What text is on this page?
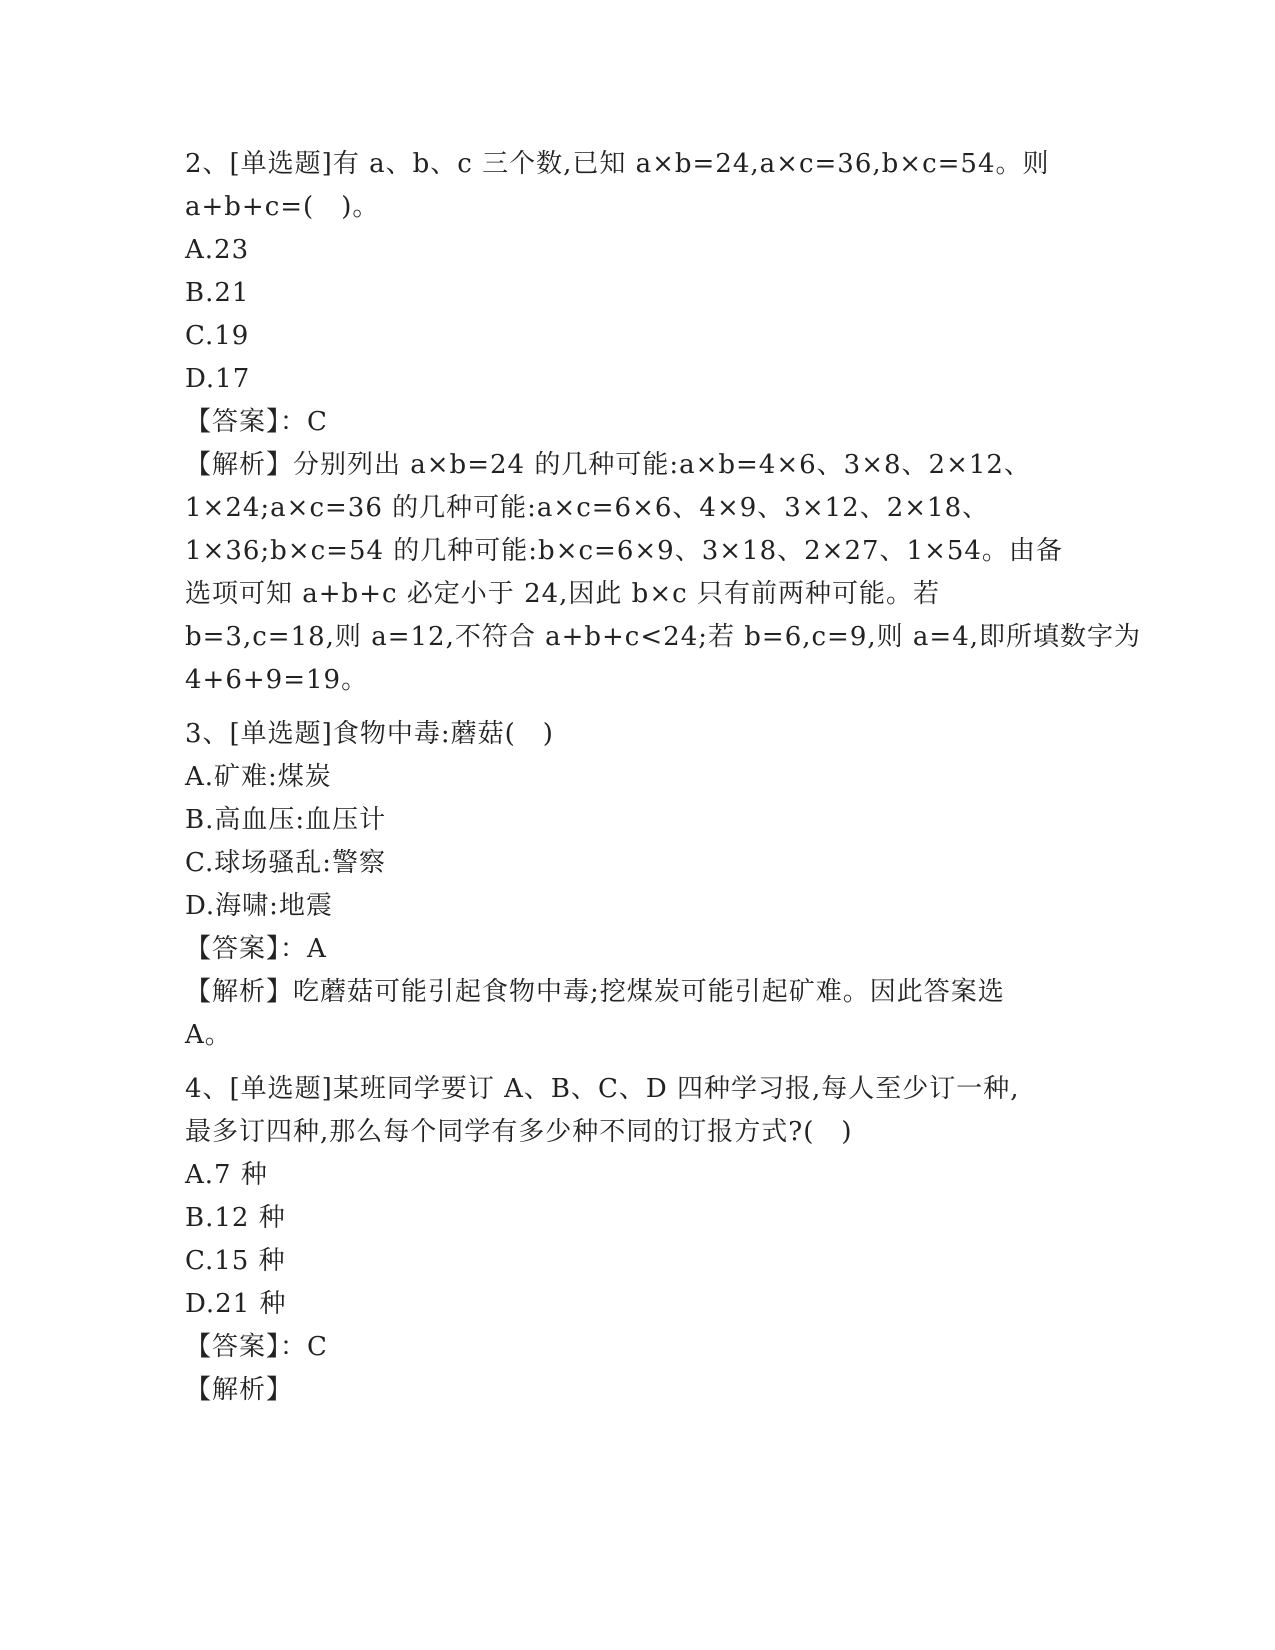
2、[单选题]有 a、b、c 三个数,已知 a×b=24,a×c=36,b×c=54。则
a+b+c=(　)。
A.23
B.21
C.19
D.17
【答案】：C
【解析】分别列出 a×b=24 的几种可能:a×b=4×6、3×8、2×12、
1×24;a×c=36 的几种可能:a×c=6×6、4×9、3×12、2×18、
1×36;b×c=54 的几种可能:b×c=6×9、3×18、2×27、1×54。由备
选项可知 a+b+c 必定小于 24,因此 b×c 只有前两种可能。若
b=3,c=18,则 a=12,不符合 a+b+c<24;若 b=6,c=9,则 a=4,即所填数字为
4+6+9=19。
3、[单选题]食物中毒:蘑菇(　)
A.矿难:煤炭
B.高血压:血压计
C.球场骚乱:警察
D.海啸:地震
【答案】：A
【解析】吃蘑菇可能引起食物中毒;挖煤炭可能引起矿难。因此答案选
A。
4、[单选题]某班同学要订 A、B、C、D 四种学习报,每人至少订一种,
最多订四种,那么每个同学有多少种不同的订报方式?(　)
A.7 种
B.12 种
C.15 种
D.21 种
【答案】：C
【解析】
